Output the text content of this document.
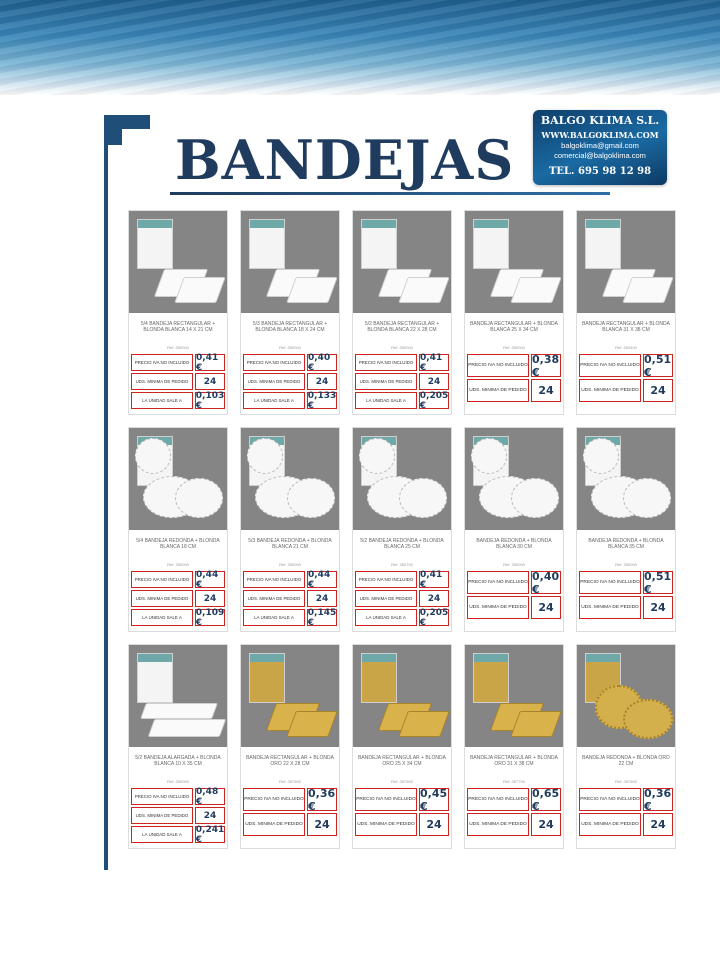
BANDEJAS
BALGO KLIMA S.L.
WWW.BALGOKLIMA.COM
balgoklima@gmail.com
comercial@balgoklima.com
TEL. 695 98 12 98
5/4 BANDEJA RECTANGULAR + BLONDA BLANCA 14 X 21 CM
Ref. 350000
PRECIO IVA NO INCLUIDO 0,41 €
UDS. MINIMA DE PEDIDO	24
LA UNIDAD SALE A	0,103 €
5/3 BANDEJA RECTANGULAR + BLONDA BLANCA 18 X 24 CM
Ref. 350000
PRECIO IVA NO INCLUIDO 0,40 €
UDS. MINIMA DE PEDIDO	24
LA UNIDAD SALE A	0,133 €
5/2 BANDEJA RECTANGULAR + BLONDA BLANCA 22 X 28 CM
Ref. 350000
PRECIO IVA NO INCLUIDO 0,41 €
UDS. MINIMA DE PEDIDO	24
LA UNIDAD SALE A	0,205 €
BANDEJA RECTANGULAR + BLONDA BLANCA 25 X 34 CM
Ref. 350000
PRECIO IVA NO INCLUIDO 0,38 €
UDS. MINIMA DE PEDIDO	24
BANDEJA RECTANGULAR + BLONDA BLANCA 31 X 38 CM
Ref. 350400
PRECIO IVA NO INCLUIDO 0,51 €
UDS. MINIMA DE PEDIDO	24
5/4 BANDEJA REDONDA + BLONDA BLANCA 18 CM
Ref. 350000
PRECIO IVA NO INCLUIDO 0,44 €
UDS. MINIMA DE PEDIDO	24
LA UNIDAD SALE A	0,109 €
5/3 BANDEJA REDONDA + BLONDA BLANCA 21 CM
Ref. 350000
PRECIO IVA NO INCLUIDO 0,44 €
UDS. MINIMA DE PEDIDO	24
LA UNIDAD SALE A	0,145 €
5/2 BANDEJA REDONDA + BLONDA BLANCA 25 CM
Ref. 350700
PRECIO IVA NO INCLUIDO 0,41 €
UDS. MINIMA DE PEDIDO	24
LA UNIDAD SALE A	0,205 €
BANDEJA REDONDA + BLONDA BLANCA 30 CM
Ref. 350000
PRECIO IVA NO INCLUIDO 0,40 €
UDS. MINIMA DE PEDIDO	24
BANDEJA REDONDA + BLONDA BLANCA 35 CM
Ref. 350000
PRECIO IVA NO INCLUIDO 0,51 €
UDS. MINIMA DE PEDIDO	24
5/2 BANDEJA ALARGADA + BLONDA BLANCA 10 X 35 CM
Ref. 350000
PRECIO IVA NO INCLUIDO 0,48 €
UDS. MINIMA DE PEDIDO	24
LA UNIDAD SALE A	0,241 €
BANDEJA RECTANGULAR + BLONDA ORO 22 X 28 CM
Ref. 357500
PRECIO IVA NO INCLUIDO 0,36 €
UDS. MINIMA DE PEDIDO	24
BANDEJA RECTANGULAR + BLONDA ORO 25 X 34 CM
Ref. 357500
PRECIO IVA NO INCLUIDO 0,45 €
UDS. MINIMA DE PEDIDO	24
BANDEJA RECTANGULAR + BLONDA ORO 31 X 38 CM
Ref. 357700
PRECIO IVA NO INCLUIDO 0,65 €
UDS. MINIMA DE PEDIDO	24
BANDEJA REDONDA + BLONDA ORO 22 CM
Ref. 357600
PRECIO IVA NO INCLUIDO 0,36 €
UDS. MINIMA DE PEDIDO	24
